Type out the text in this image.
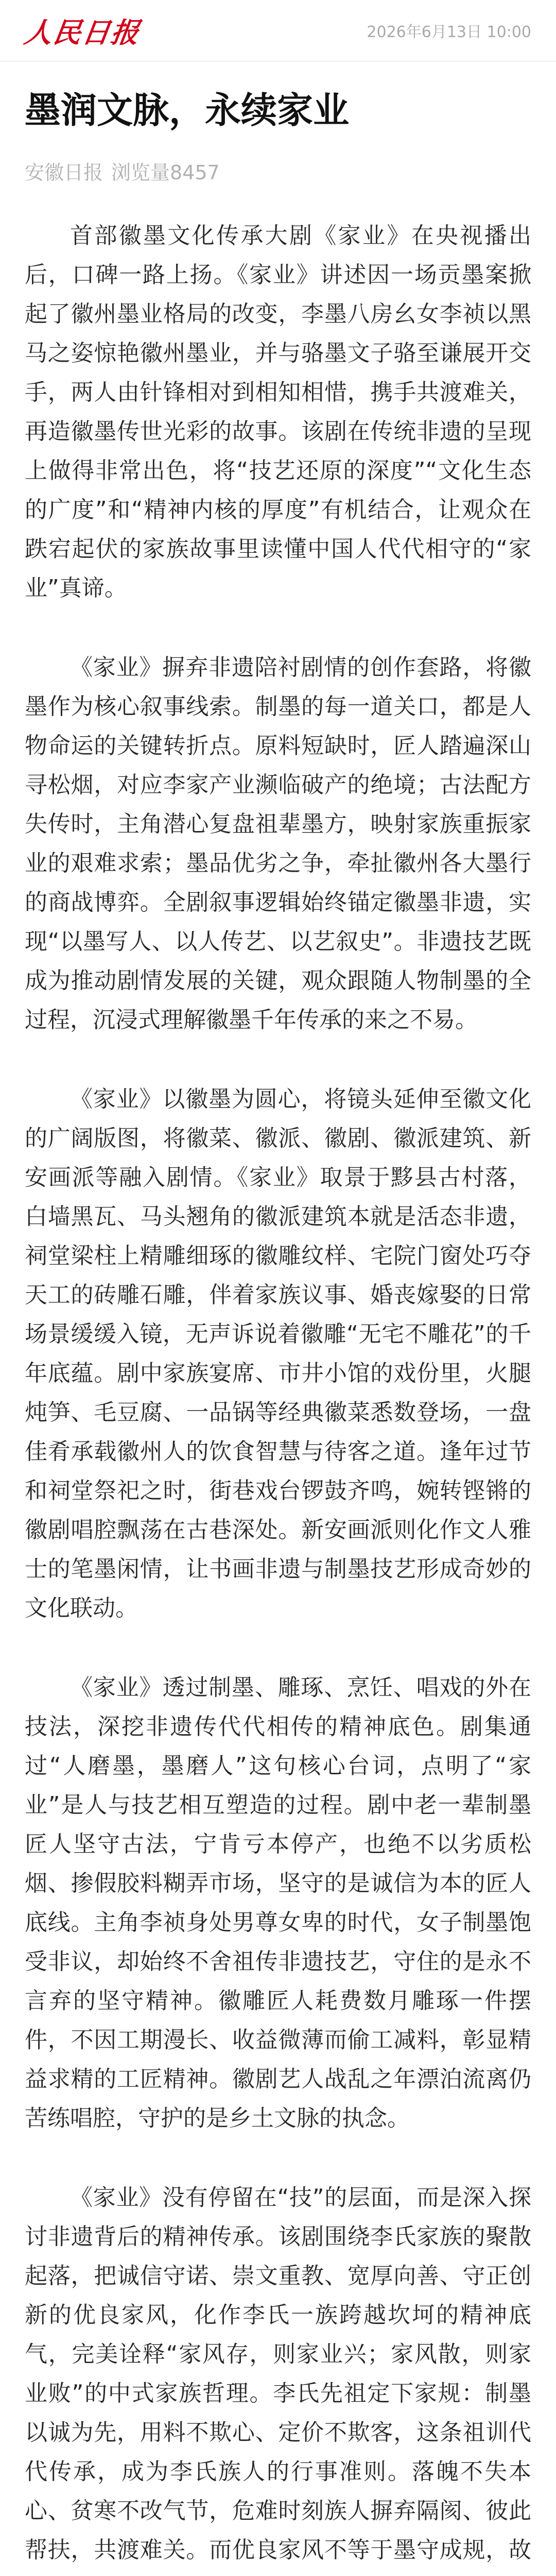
人民日报	2026年6月13日 10:00
墨润文脉，永续家业
安徽日报 浏览量8457

首部徽墨文化传承大剧《家业》在央视播出后，口碑一路上扬。《家业》讲述因一场贡墨案掀起了徽州墨业格局的改变，李墨八房幺女李祯以黑马之姿惊艳徽州墨业，并与骆墨文子骆至谦展开交手，两人由针锋相对到相知相惜，携手共渡难关，再造徽墨传世光彩的故事。该剧在传统非遗的呈现上做得非常出色，将“技艺还原的深度”“文化生态的广度”和“精神内核的厚度”有机结合，让观众在跌宕起伏的家族故事里读懂中国人代代相守的“家业”真谛。

《家业》摒弃非遗陪衬剧情的创作套路，将徽墨作为核心叙事线索。制墨的每一道关口，都是人物命运的关键转折点。原料短缺时，匠人踏遍深山寻松烟，对应李家产业濒临破产的绝境；古法配方失传时，主角潜心复盘祖辈墨方，映射家族重振家业的艰难求索；墨品优劣之争，牵扯徽州各大墨行的商战博弈。全剧叙事逻辑始终锚定徽墨非遗，实现“以墨写人、以人传艺、以艺叙史”。非遗技艺既成为推动剧情发展的关键，观众跟随人物制墨的全过程，沉浸式理解徽墨千年传承的来之不易。

《家业》以徽墨为圆心，将镜头延伸至徽文化的广阔版图，将徽菜、徽派、徽剧、徽派建筑、新安画派等融入剧情。《家业》取景于黟县古村落，白墙黑瓦、马头翘角的徽派建筑本就是活态非遗，祠堂梁柱上精雕细琢的徽雕纹样、宅院门窗处巧夺天工的砖雕石雕，伴着家族议事、婚丧嫁娶的日常场景缓缓入镜，无声诉说着徽雕“无宅不雕花”的千年底蕴。剧中家族宴席、市井小馆的戏份里，火腿炖笋、毛豆腐、一品锅等经典徽菜悉数登场，一盘佳肴承载徽州人的饮食智慧与待客之道。逢年过节和祠堂祭祀之时，街巷戏台锣鼓齐鸣，婉转铿锵的徽剧唱腔飘荡在古巷深处。新安画派则化作文人雅士的笔墨闲情，让书画非遗与制墨技艺形成奇妙的文化联动。

《家业》透过制墨、雕琢、烹饪、唱戏的外在技法，深挖非遗传代代相传的精神底色。剧集通过“人磨墨，墨磨人”这句核心台词，点明了“家业”是人与技艺相互塑造的过程。剧中老一辈制墨匠人坚守古法，宁肯亏本停产，也绝不以劣质松烟、掺假胶料糊弄市场，坚守的是诚信为本的匠人底线。主角李祯身处男尊女卑的时代，女子制墨饱受非议，却始终不舍祖传非遗技艺，守住的是永不言弃的坚守精神。徽雕匠人耗费数月雕琢一件摆件，不因工期漫长、收益微薄而偷工减料，彰显精益求精的工匠精神。徽剧艺人战乱之年漂泊流离仍苦练唱腔，守护的是乡土文脉的执念。

《家业》没有停留在“技”的层面，而是深入探讨非遗背后的精神传承。该剧围绕李氏家族的聚散起落，把诚信守诺、崇文重教、宽厚向善、守正创新的优良家风，化作李氏一族跨越坎坷的精神底气，完美诠释“家风存，则家业兴；家风散，则家业败”的中式家族哲理。李氏先祖定下家规：制墨以诚为先，用料不欺心、定价不欺客，这条祖训代代传承，成为李氏族人的行事准则。落魄不失本心、贫寒不改气节，危难时刻族人摒弃隔阂、彼此帮扶，共渡难关。而优良家风不等于墨守成规，故
